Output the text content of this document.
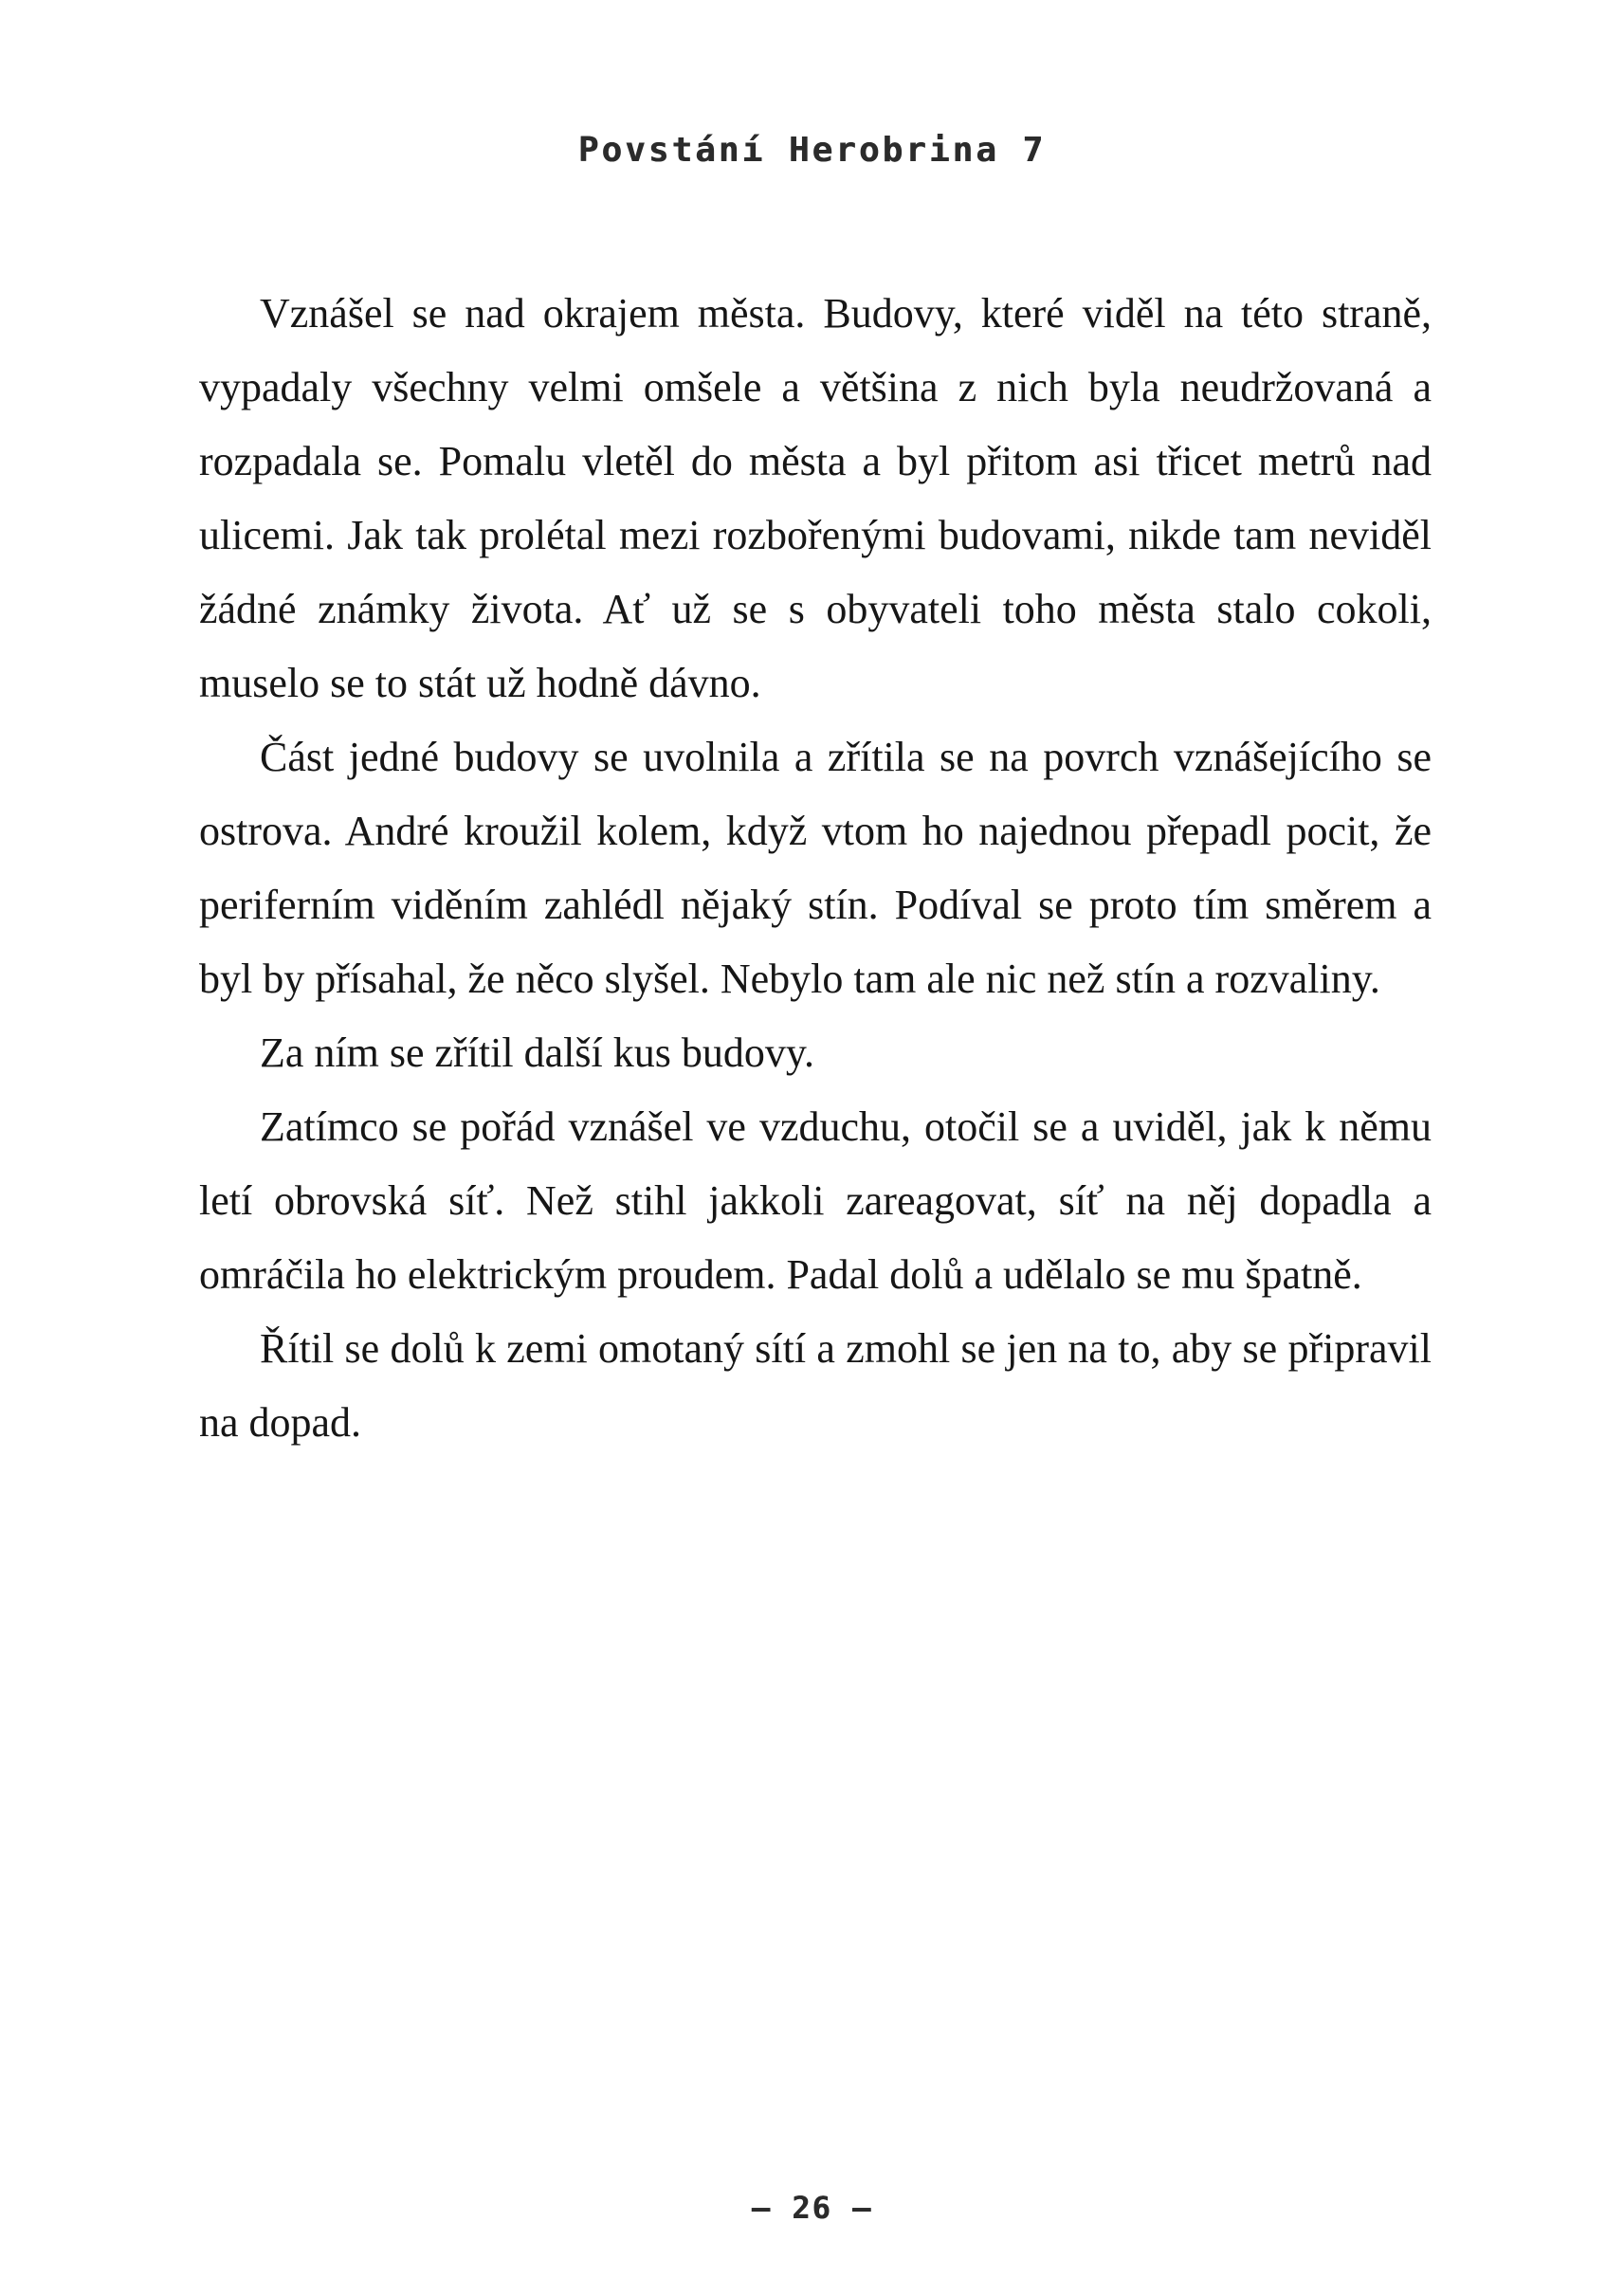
Povstání Herobrina 7

Vznášel se nad okrajem města. Budovy, které viděl na této straně, vypadaly všechny velmi omšele a většina z nich byla neudržovaná a rozpadala se. Pomalu vletěl do města a byl přitom asi třicet metrů nad ulicemi. Jak tak prolétal mezi rozbořenými budovami, nikde tam neviděl žádné známky života. Ať už se s obyvateli toho města stalo cokoli, muselo se to stát už hodně dávno.

Část jedné budovy se uvolnila a zřítila se na povrch vznášejícího se ostrova. André kroužil kolem, když vtom ho najednou přepadl pocit, že periferním viděním zahlédl nějaký stín. Podíval se proto tím směrem a byl by přísahal, že něco slyšel. Nebylo tam ale nic než stín a rozvaliny.

Za ním se zřítil další kus budovy.

Zatímco se pořád vznášel ve vzduchu, otočil se a uviděl, jak k němu letí obrovská síť. Než stihl jakkoli zareagovat, síť na něj dopadla a omráčila ho elektrickým proudem. Padal dolů a udělalo se mu špatně.

Řítil se dolů k zemi omotaný sítí a zmohl se jen na to, aby se připravil na dopad.

– 26 –
